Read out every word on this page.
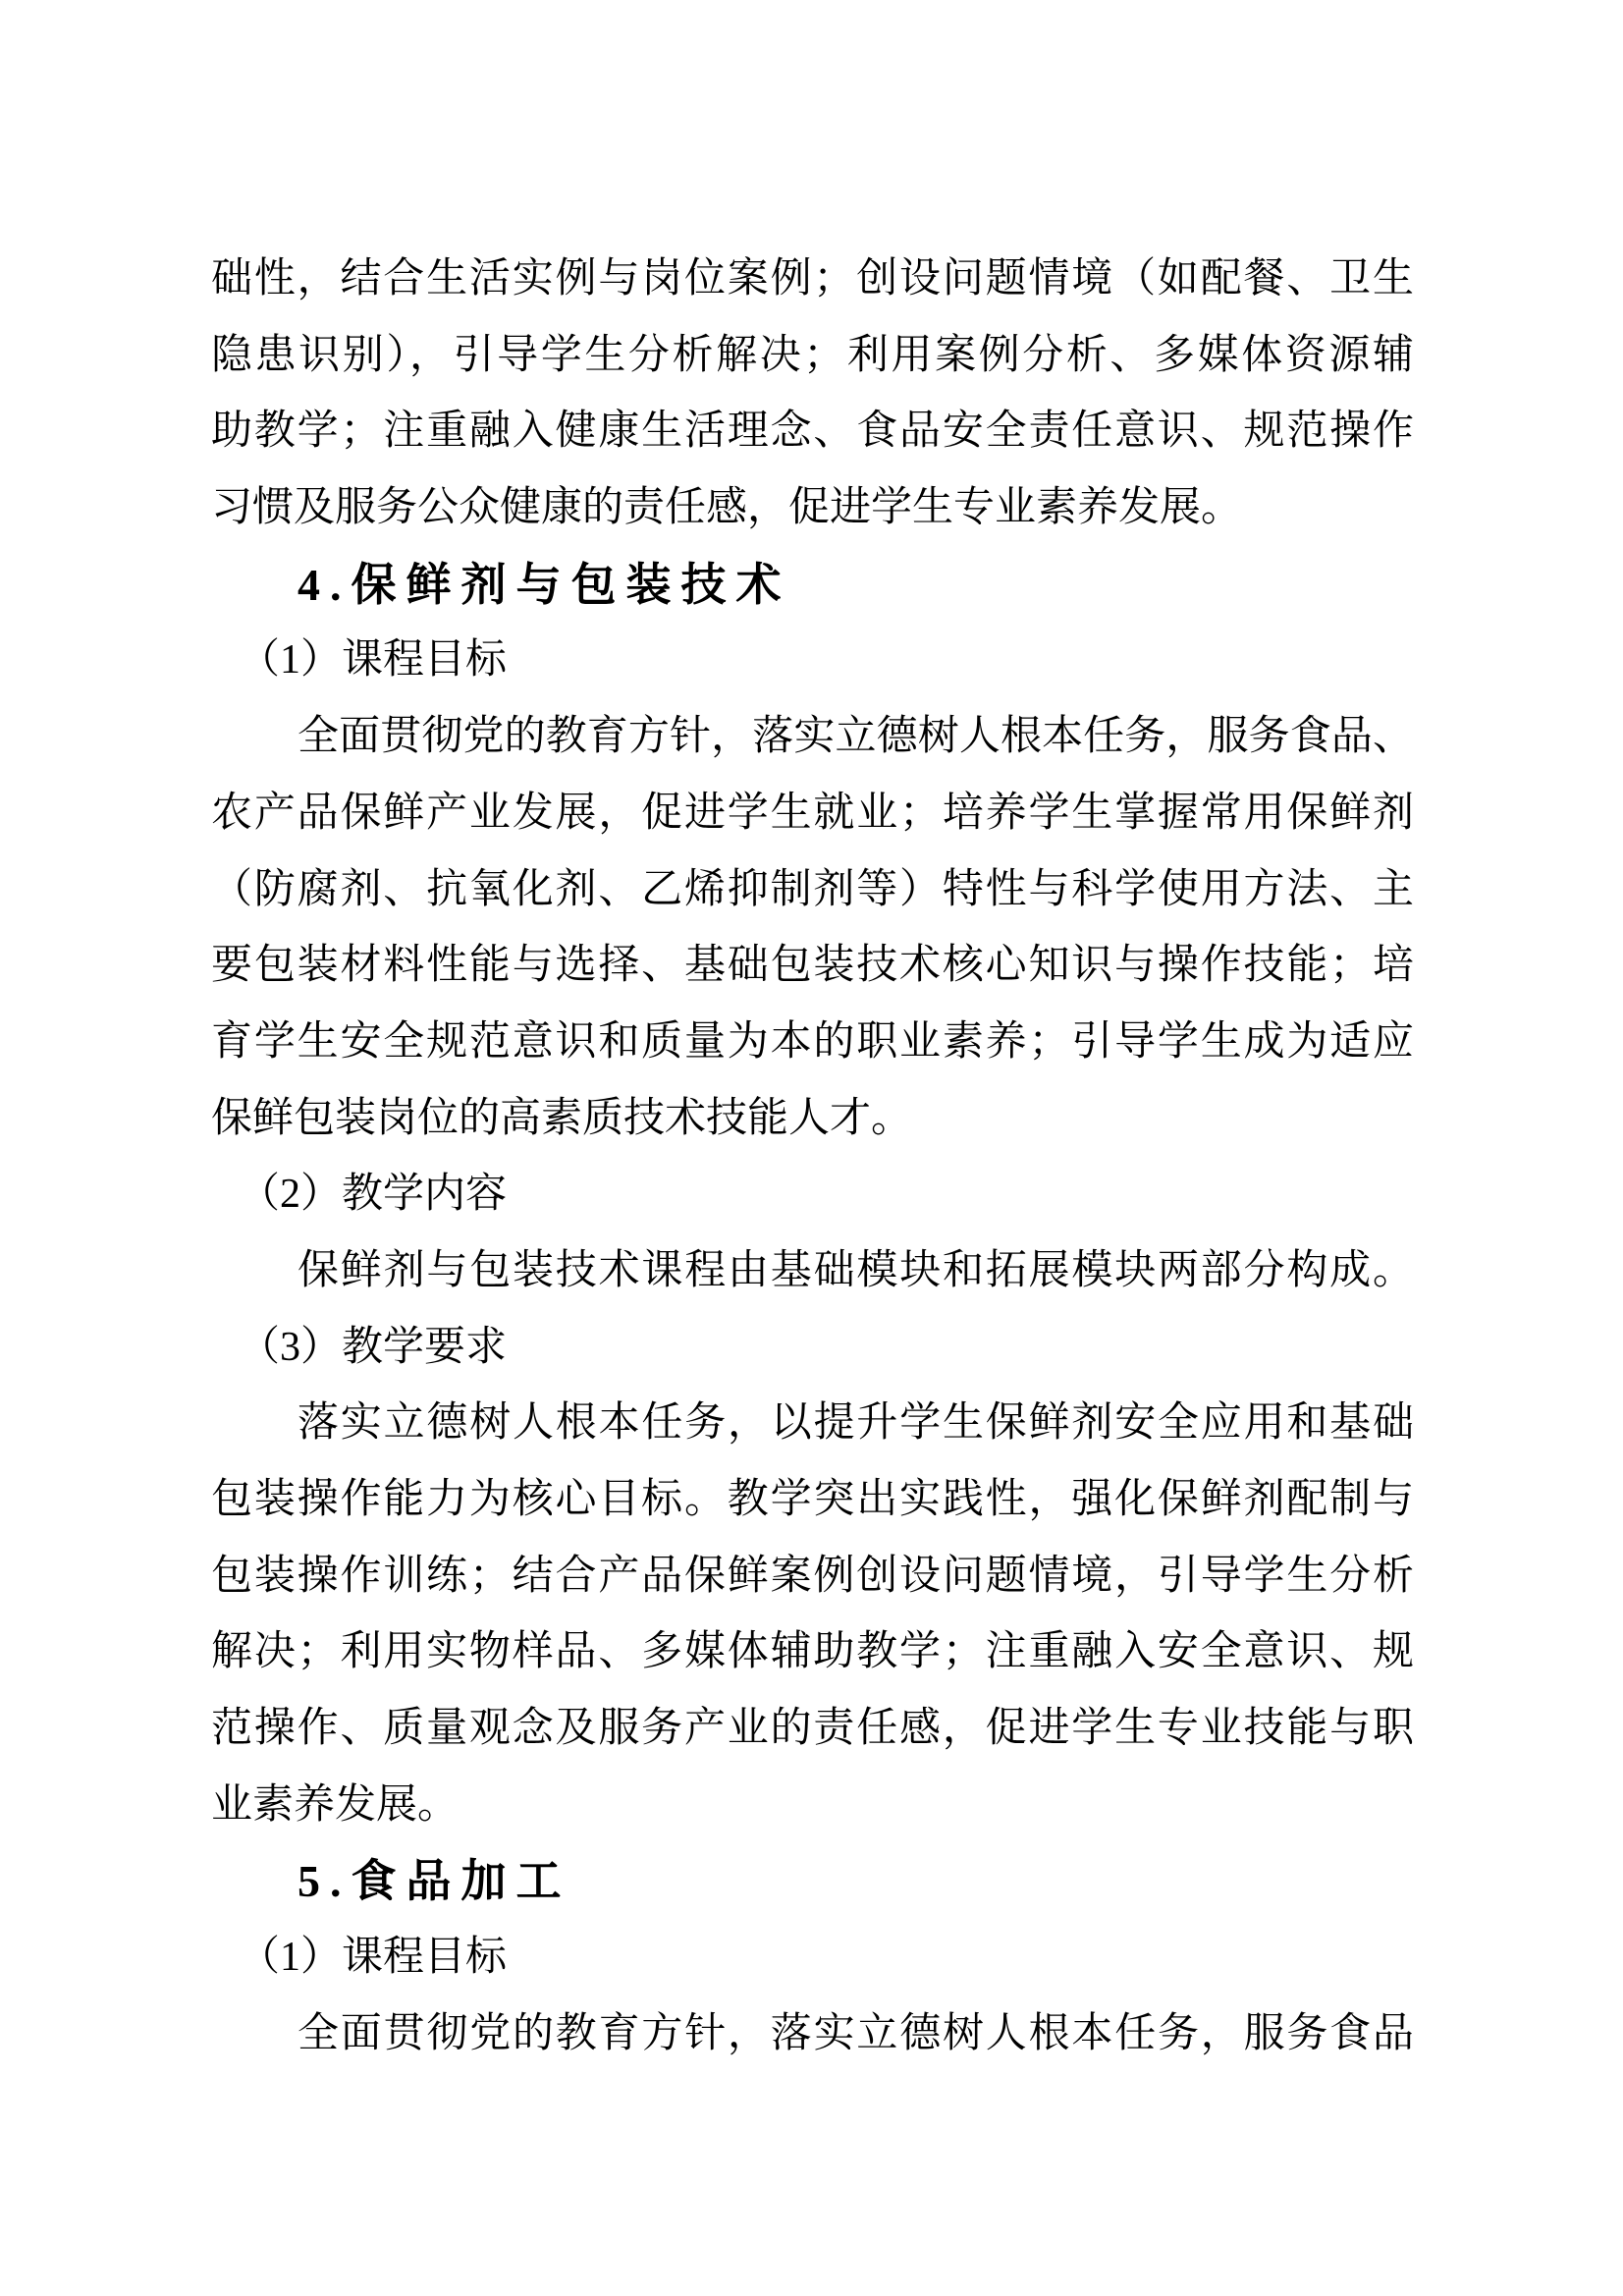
础性，结合生活实例与岗位案例；创设问题情境（如配餐、卫生
隐患识别），引导学生分析解决；利用案例分析、多媒体资源辅
助教学；注重融入健康生活理念、食品安全责任意识、规范操作
习惯及服务公众健康的责任感，促进学生专业素养发展。
4.保鲜剂与包装技术
（1）课程目标
全面贯彻党的教育方针，落实立德树人根本任务，服务食品、
农产品保鲜产业发展，促进学生就业；培养学生掌握常用保鲜剂
（防腐剂、抗氧化剂、乙烯抑制剂等）特性与科学使用方法、主
要包装材料性能与选择、基础包装技术核心知识与操作技能；培
育学生安全规范意识和质量为本的职业素养；引导学生成为适应
保鲜包装岗位的高素质技术技能人才。
（2）教学内容
保鲜剂与包装技术课程由基础模块和拓展模块两部分构成。
（3）教学要求
落实立德树人根本任务，以提升学生保鲜剂安全应用和基础
包装操作能力为核心目标。教学突出实践性，强化保鲜剂配制与
包装操作训练；结合产品保鲜案例创设问题情境，引导学生分析
解决；利用实物样品、多媒体辅助教学；注重融入安全意识、规
范操作、质量观念及服务产业的责任感，促进学生专业技能与职
业素养发展。
5.食品加工
（1）课程目标
全面贯彻党的教育方针，落实立德树人根本任务，服务食品
